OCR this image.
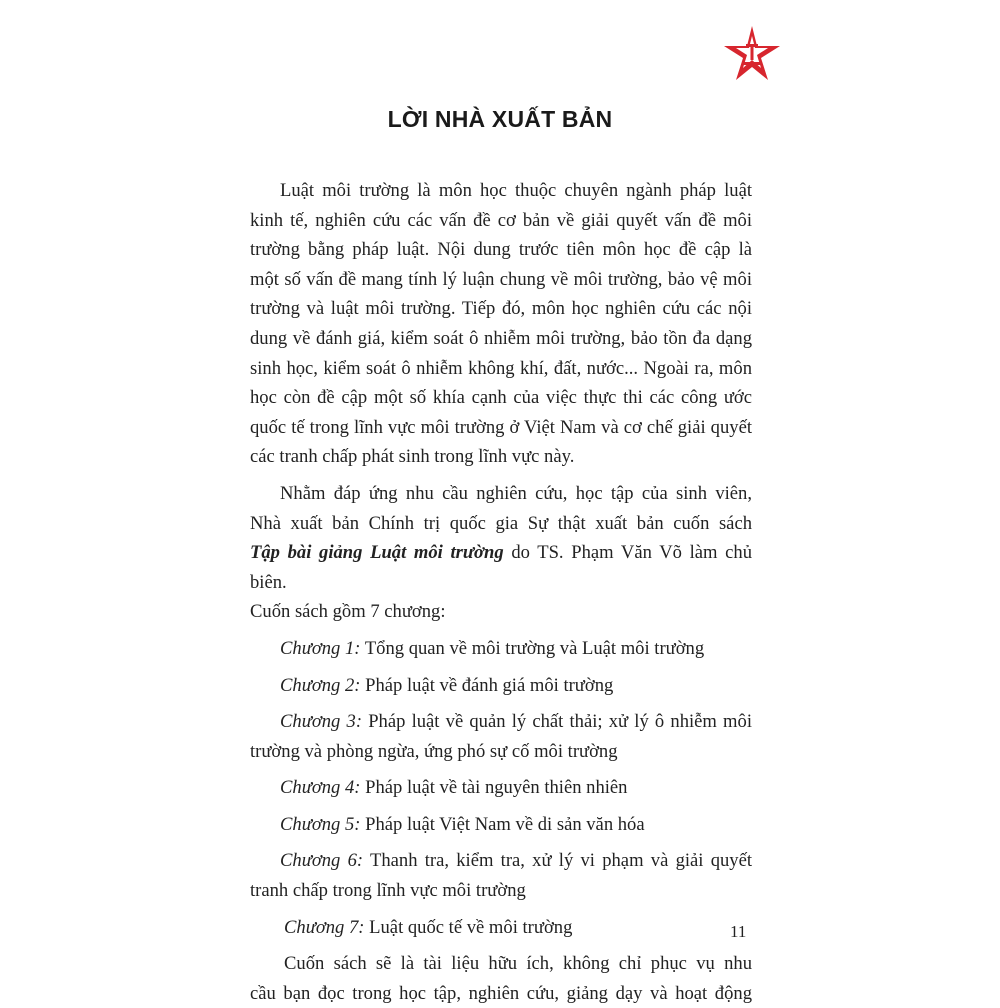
LỜI NHÀ XUẤT BẢN
Luật môi trường là môn học thuộc chuyên ngành pháp luật
kinh tế, nghiên cứu các vấn đề cơ bản về giải quyết vấn đề môi
trường bằng pháp luật. Nội dung trước tiên môn học đề cập là
một số vấn đề mang tính lý luận chung về môi trường, bảo vệ môi
trường và luật môi trường. Tiếp đó, môn học nghiên cứu các nội
dung về đánh giá, kiểm soát ô nhiễm môi trường, bảo tồn đa dạng
sinh học, kiểm soát ô nhiễm không khí, đất, nước... Ngoài ra, môn
học còn đề cập một số khía cạnh của việc thực thi các công ước
quốc tế trong lĩnh vực môi trường ở Việt Nam và cơ chế giải quyết
các tranh chấp phát sinh trong lĩnh vực này.
Nhằm đáp ứng nhu cầu nghiên cứu, học tập của sinh viên,
Nhà xuất bản Chính trị quốc gia Sự thật xuất bản cuốn sách
Tập bài giảng Luật môi trường do TS. Phạm Văn Võ làm chủ biên.
Cuốn sách gồm 7 chương:
Chương 1: Tổng quan về môi trường và Luật môi trường
Chương 2: Pháp luật về đánh giá môi trường
Chương 3: Pháp luật về quản lý chất thải; xử lý ô nhiễm môi
trường và phòng ngừa, ứng phó sự cố môi trường
Chương 4: Pháp luật về tài nguyên thiên nhiên
Chương 5: Pháp luật Việt Nam về di sản văn hóa
Chương 6: Thanh tra, kiểm tra, xử lý vi phạm và giải quyết
tranh chấp trong lĩnh vực môi trường
Chương 7: Luật quốc tế về môi trường
Cuốn sách sẽ là tài liệu hữu ích, không chỉ phục vụ nhu
cầu bạn đọc trong học tập, nghiên cứu, giảng dạy và hoạt động
11
